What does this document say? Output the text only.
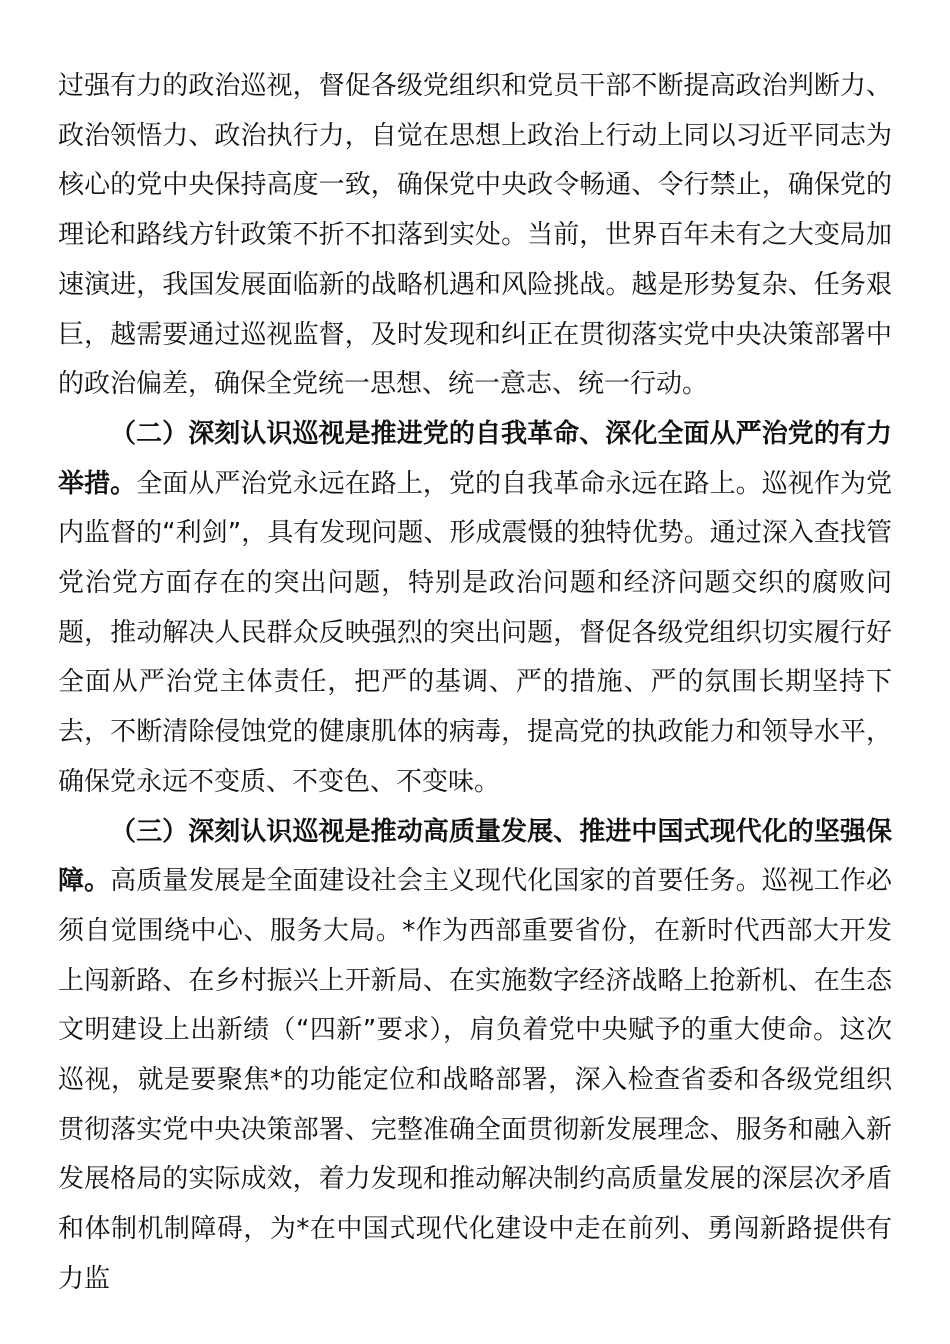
过强有力的政治巡视，督促各级党组织和党员干部不断提高政治判断力、政治领悟力、政治执行力，自觉在思想上政治上行动上同以习近平同志为核心的党中央保持高度一致，确保党中央政令畅通、令行禁止，确保党的理论和路线方针政策不折不扣落到实处。当前，世界百年未有之大变局加速演进，我国发展面临新的战略机遇和风险挑战。越是形势复杂、任务艰巨，越需要通过巡视监督，及时发现和纠正在贯彻落实党中央决策部署中的政治偏差，确保全党统一思想、统一意志、统一行动。

（二）深刻认识巡视是推进党的自我革命、深化全面从严治党的有力举措。全面从严治党永远在路上，党的自我革命永远在路上。巡视作为党内监督的“利剑”，具有发现问题、形成震慑的独特优势。通过深入查找管党治党方面存在的突出问题，特别是政治问题和经济问题交织的腐败问题，推动解决人民群众反映强烈的突出问题，督促各级党组织切实履行好全面从严治党主体责任，把严的基调、严的措施、严的氛围长期坚持下去，不断清除侵蚀党的健康肌体的病毒，提高党的执政能力和领导水平，确保党永远不变质、不变色、不变味。

（三）深刻认识巡视是推动高质量发展、推进中国式现代化的坚强保障。高质量发展是全面建设社会主义现代化国家的首要任务。巡视工作必须自觉围绕中心、服务大局。*作为西部重要省份，在新时代西部大开发上闯新路、在乡村振兴上开新局、在实施数字经济战略上抢新机、在生态文明建设上出新绩（“四新”要求），肩负着党中央赋予的重大使命。这次巡视，就是要聚焦*的功能定位和战略部署，深入检查省委和各级党组织贯彻落实党中央决策部署、完整准确全面贯彻新发展理念、服务和融入新发展格局的实际成效，着力发现和推动解决制约高质量发展的深层次矛盾和体制机制障碍，为*在中国式现代化建设中走在前列、勇闯新路提供有力监
